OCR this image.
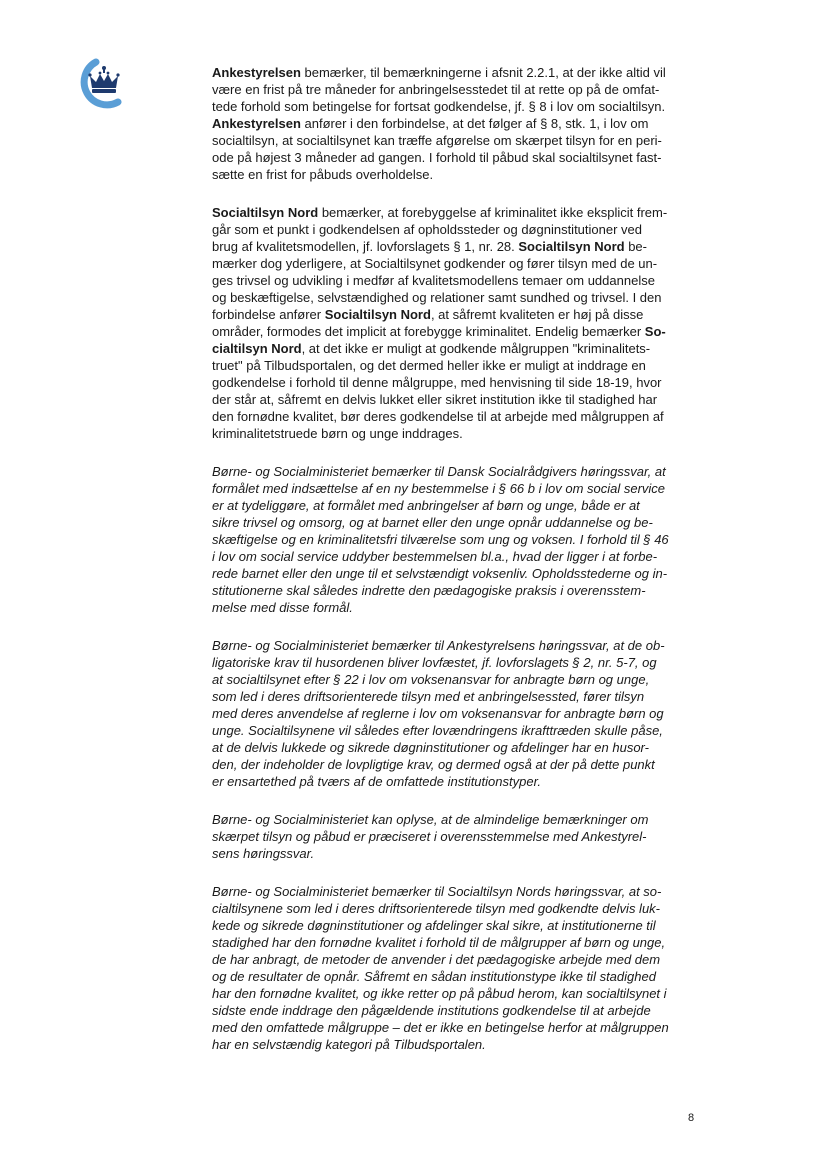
Ankestyrelsen bemærker, til bemærkningerne i afsnit 2.2.1, at der ikke altid vil
være en frist på tre måneder for anbringelsesstedet til at rette op på de omfat-
tede forhold som betingelse for fortsat godkendelse, jf. § 8 i lov om socialtilsyn.
Ankestyrelsen anfører i den forbindelse, at det følger af § 8, stk. 1, i lov om
socialtilsyn, at socialtilsynet kan træffe afgørelse om skærpet tilsyn for en peri-
ode på højest 3 måneder ad gangen. I forhold til påbud skal socialtilsynet fast-
sætte en frist for påbuds overholdelse.
Socialtilsyn Nord bemærker, at forebyggelse af kriminalitet ikke eksplicit frem-
går som et punkt i godkendelsen af opholdssteder og døgninstitutioner ved
brug af kvalitetsmodellen, jf. lovforslagets § 1, nr. 28. Socialtilsyn Nord be-
mærker dog yderligere, at Socialtilsynet godkender og fører tilsyn med de un-
ges trivsel og udvikling i medfør af kvalitetsmodellens temaer om uddannelse
og beskæftigelse, selvstændighed og relationer samt sundhed og trivsel. I den
forbindelse anfører Socialtilsyn Nord, at såfremt kvaliteten er høj på disse
områder, formodes det implicit at forebygge kriminalitet. Endelig bemærker So-
cialtilsyn Nord, at det ikke er muligt at godkende målgruppen "kriminalitets-
truet" på Tilbudsportalen, og det dermed heller ikke er muligt at inddrage en
godkendelse i forhold til denne målgruppe, med henvisning til side 18-19, hvor
der står at, såfremt en delvis lukket eller sikret institution ikke til stadighed har
den fornødne kvalitet, bør deres godkendelse til at arbejde med målgruppen af
kriminalitetstruede børn og unge inddrages.
Børne- og Socialministeriet bemærker til Dansk Socialrådgivers høringssvar, at
formålet med indsættelse af en ny bestemmelse i § 66 b i lov om social service
er at tydeliggøre, at formålet med anbringelser af børn og unge, både er at
sikre trivsel og omsorg, og at barnet eller den unge opnår uddannelse og be-
skæftigelse og en kriminalitetsfri tilværelse som ung og voksen. I forhold til § 46
i lov om social service uddyber bestemmelsen bl.a., hvad der ligger i at forbe-
rede barnet eller den unge til et selvstændigt voksenliv. Opholdsstederne og in-
stitutionerne skal således indrette den pædagogiske praksis i overensstem-
melse med disse formål.
Børne- og Socialministeriet bemærker til Ankestyrelsens høringssvar, at de ob-
ligatoriske krav til husordenen bliver lovfæstet, jf. lovforslagets § 2, nr. 5-7, og
at socialtilsynet efter § 22 i lov om voksenansvar for anbragte børn og unge,
som led i deres driftsorienterede tilsyn med et anbringelsessted, fører tilsyn
med deres anvendelse af reglerne i lov om voksenansvar for anbragte børn og
unge. Socialtilsynene vil således efter lovændringens ikrafttræden skulle påse,
at de delvis lukkede og sikrede døgninstitutioner og afdelinger har en husor-
den, der indeholder de lovpligtige krav, og dermed også at der på dette punkt
er ensartethed på tværs af de omfattede institutionstyper.
Børne- og Socialministeriet kan oplyse, at de almindelige bemærkninger om
skærpet tilsyn og påbud er præciseret i overensstemmelse med Ankestyrel-
sens høringssvar.
Børne- og Socialministeriet bemærker til Socialtilsyn Nords høringssvar, at so-
cialtilsynene som led i deres driftsorienterede tilsyn med godkendte delvis luk-
kede og sikrede døgninstitutioner og afdelinger skal sikre, at institutionerne til
stadighed har den fornødne kvalitet i forhold til de målgrupper af børn og unge,
de har anbragt, de metoder de anvender i det pædagogiske arbejde med dem
og de resultater de opnår. Såfremt en sådan institutionstype ikke til stadighed
har den fornødne kvalitet, og ikke retter op på påbud herom, kan socialtilsynet i
sidste ende inddrage den pågældende institutions godkendelse til at arbejde
med den omfattede målgruppe – det er ikke en betingelse herfor at målgruppen
har en selvstændig kategori på Tilbudsportalen.
8
